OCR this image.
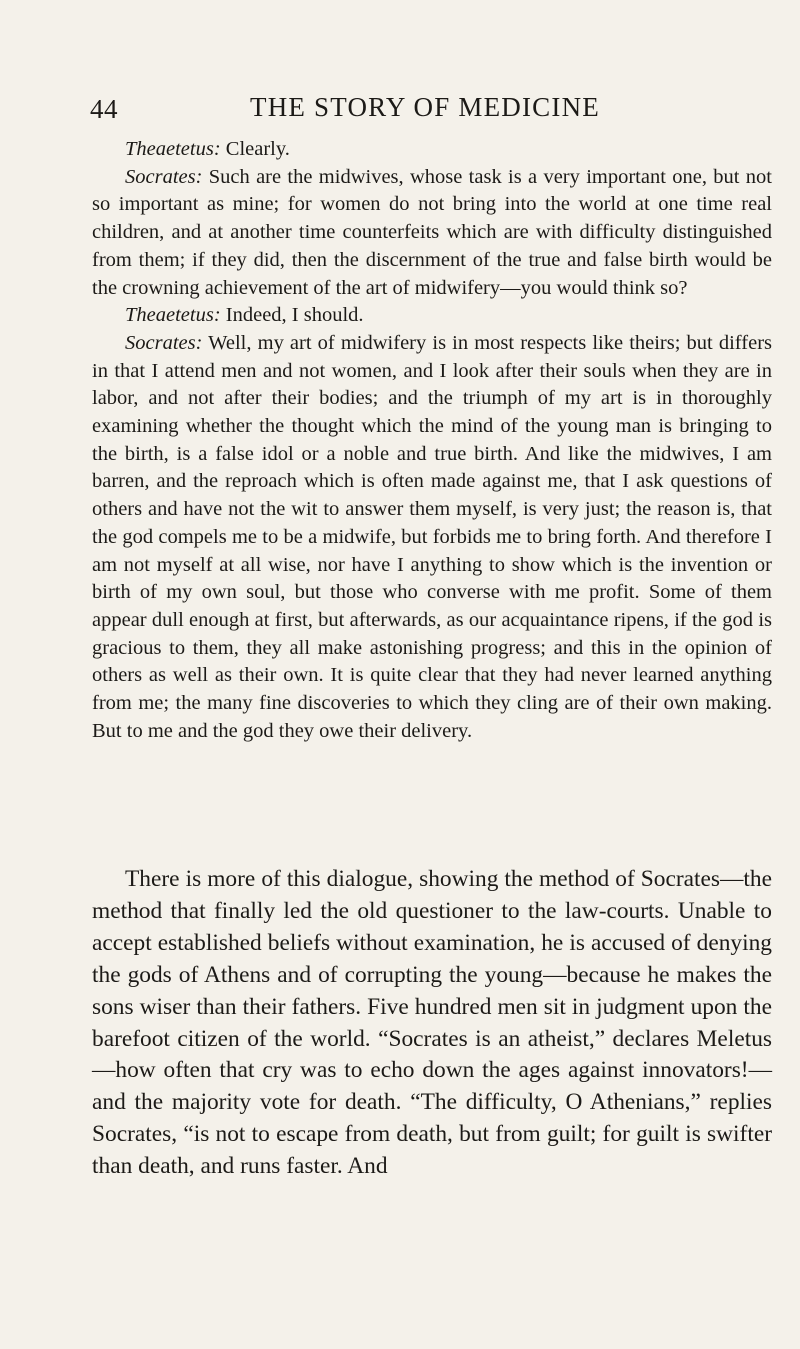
44	THE STORY OF MEDICINE

Theaetetus: Clearly.

Socrates: Such are the midwives, whose task is a very important one, but not so important as mine; for women do not bring into the world at one time real children, and at another time counterfeits which are with difficulty distinguished from them; if they did, then the discernment of the true and false birth would be the crowning achievement of the art of midwifery—you would think so?

Theaetetus: Indeed, I should.

Socrates: Well, my art of midwifery is in most respects like theirs; but differs in that I attend men and not women, and I look after their souls when they are in labor, and not after their bodies; and the triumph of my art is in thoroughly examining whether the thought which the mind of the young man is bringing to the birth, is a false idol or a noble and true birth. And like the midwives, I am barren, and the reproach which is often made against me, that I ask questions of others and have not the wit to answer them myself, is very just; the reason is, that the god compels me to be a midwife, but forbids me to bring forth. And therefore I am not myself at all wise, nor have I anything to show which is the invention or birth of my own soul, but those who converse with me profit. Some of them appear dull enough at first, but afterwards, as our acquaintance ripens, if the god is gracious to them, they all make astonishing progress; and this in the opinion of others as well as their own. It is quite clear that they had never learned anything from me; the many fine discoveries to which they cling are of their own making. But to me and the god they owe their delivery.

There is more of this dialogue, showing the method of Socrates—the method that finally led the old questioner to the law-courts. Unable to accept established beliefs without examination, he is accused of denying the gods of Athens and of corrupting the young—because he makes the sons wiser than their fathers. Five hundred men sit in judgment upon the barefoot citizen of the world. “Socrates is an atheist,” declares Meletus —how often that cry was to echo down the ages against innovators!—and the majority vote for death. “The difficulty, O Athenians,” replies Socrates, “is not to escape from death, but from guilt; for guilt is swifter than death, and runs faster. And
